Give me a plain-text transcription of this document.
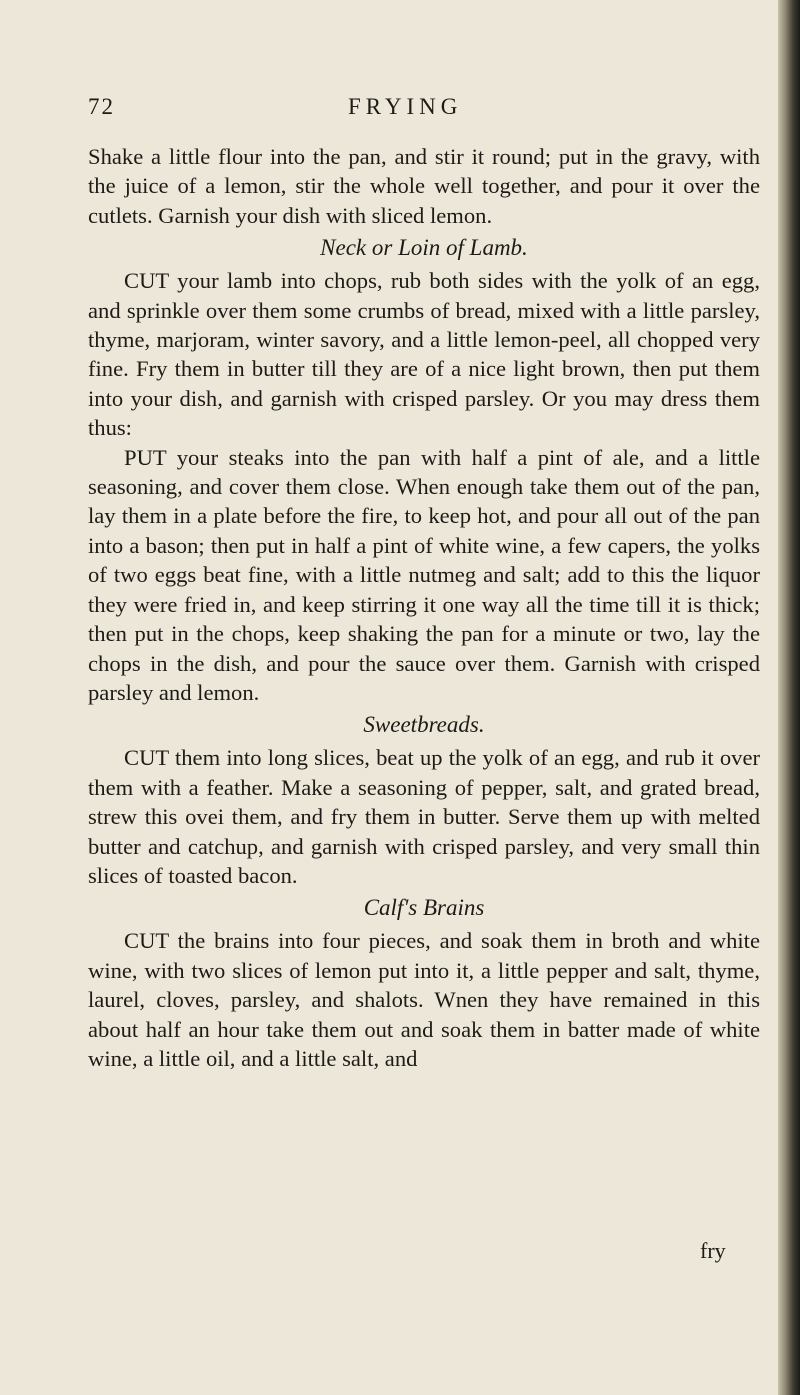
72	FRYING

Shake a little flour into the pan, and stir it round; put in the gravy, with the juice of a lemon, stir the whole well together, and pour it over the cutlets. Garnish your dish with sliced lemon.

Neck or Loin of Lamb.

CUT your lamb into chops, rub both sides with the yolk of an egg, and sprinkle over them some crumbs of bread, mixed with a little parsley, thyme, marjoram, winter savory, and a little lemon-peel, all chopped very fine. Fry them in butter till they are of a nice light brown, then put them into your dish, and garnish with crisped parsley. Or you may dress them thus:

PUT your steaks into the pan with half a pint of ale, and a little seasoning, and cover them close. When enough take them out of the pan, lay them in a plate before the fire, to keep hot, and pour all out of the pan into a bason; then put in half a pint of white wine, a few capers, the yolks of two eggs beat fine, with a little nutmeg and salt; add to this the liquor they were fried in, and keep stirring it one way all the time till it is thick; then put in the chops, keep shaking the pan for a minute or two, lay the chops in the dish, and pour the sauce over them. Garnish with crisped parsley and lemon.

Sweetbreads.

CUT them into long slices, beat up the yolk of an egg, and rub it over them with a feather. Make a seasoning of pepper, salt, and grated bread, strew this ovei them, and fry them in butter. Serve them up with melted butter and catchup, and garnish with crisped parsley, and very small thin slices of toasted bacon.

Calf's Brains

CUT the brains into four pieces, and soak them in broth and white wine, with two slices of lemon put into it, a little pepper and salt, thyme, laurel, cloves, parsley, and shalots. Wnen they have remained in this about half an hour take them out and soak them in batter made of white wine, a little oil, and a little salt, and

fry
